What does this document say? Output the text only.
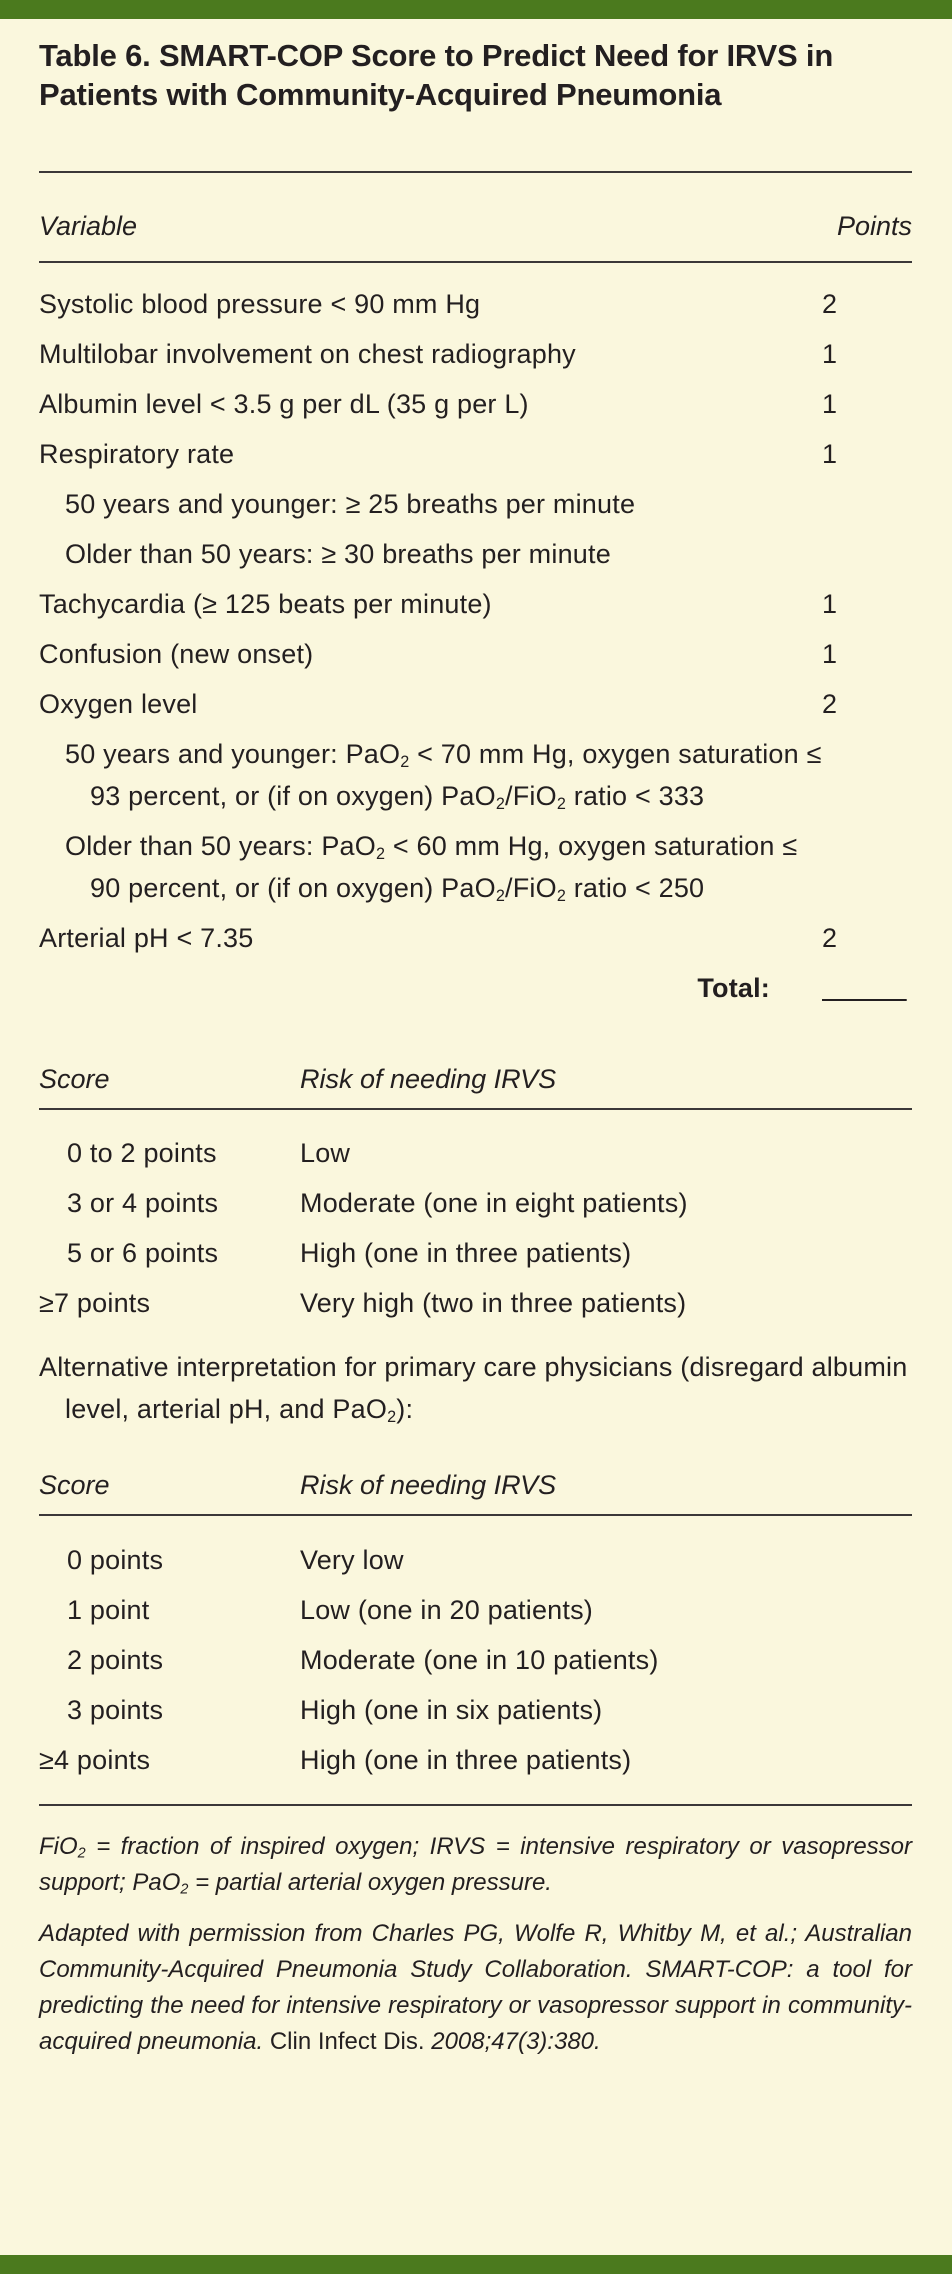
Table 6. SMART-COP Score to Predict Need for IRVS in Patients with Community-Acquired Pneumonia
Variable	Points
Systolic blood pressure < 90 mm Hg	2
Multilobar involvement on chest radiography	1
Albumin level < 3.5 g per dL (35 g per L)	1
Respiratory rate	1
50 years and younger: ≥ 25 breaths per minute
Older than 50 years: ≥ 30 breaths per minute
Tachycardia (≥ 125 beats per minute)	1
Confusion (new onset)	1
Oxygen level	2
50 years and younger: PaO$_2$ < 70 mm Hg, oxygen saturation ≤ 93 percent, or (if on oxygen) PaO$_2$/FiO$_2$ ratio < 333
Older than 50 years: PaO$_2$ < 60 mm Hg, oxygen saturation ≤ 90 percent, or (if on oxygen) PaO$_2$/FiO$_2$ ratio < 250
Arterial pH < 7.35	2
Total:

Score	Risk of needing IRVS
0 to 2 points	Low
3 or 4 points	Moderate (one in eight patients)
5 or 6 points	High (one in three patients)
≥7 points	Very high (two in three patients)
Alternative interpretation for primary care physicians (disregard albumin level, arterial pH, and PaO$_2$):
Score	Risk of needing IRVS
0 points	Very low
1 point	Low (one in 20 patients)
2 points	Moderate (one in 10 patients)
3 points	High (one in six patients)
≥4 points	High (one in three patients)
FiO$_2$ = fraction of inspired oxygen; IRVS = intensive respiratory or vasopressor support; PaO$_2$ = partial arterial oxygen pressure.
Adapted with permission from Charles PG, Wolfe R, Whitby M, et al.; Australian Community-Acquired Pneumonia Study Collaboration. SMART-COP: a tool for predicting the need for intensive respiratory or vasopressor support in community-acquired pneumonia. Clin Infect Dis. 2008;47(3):380.
